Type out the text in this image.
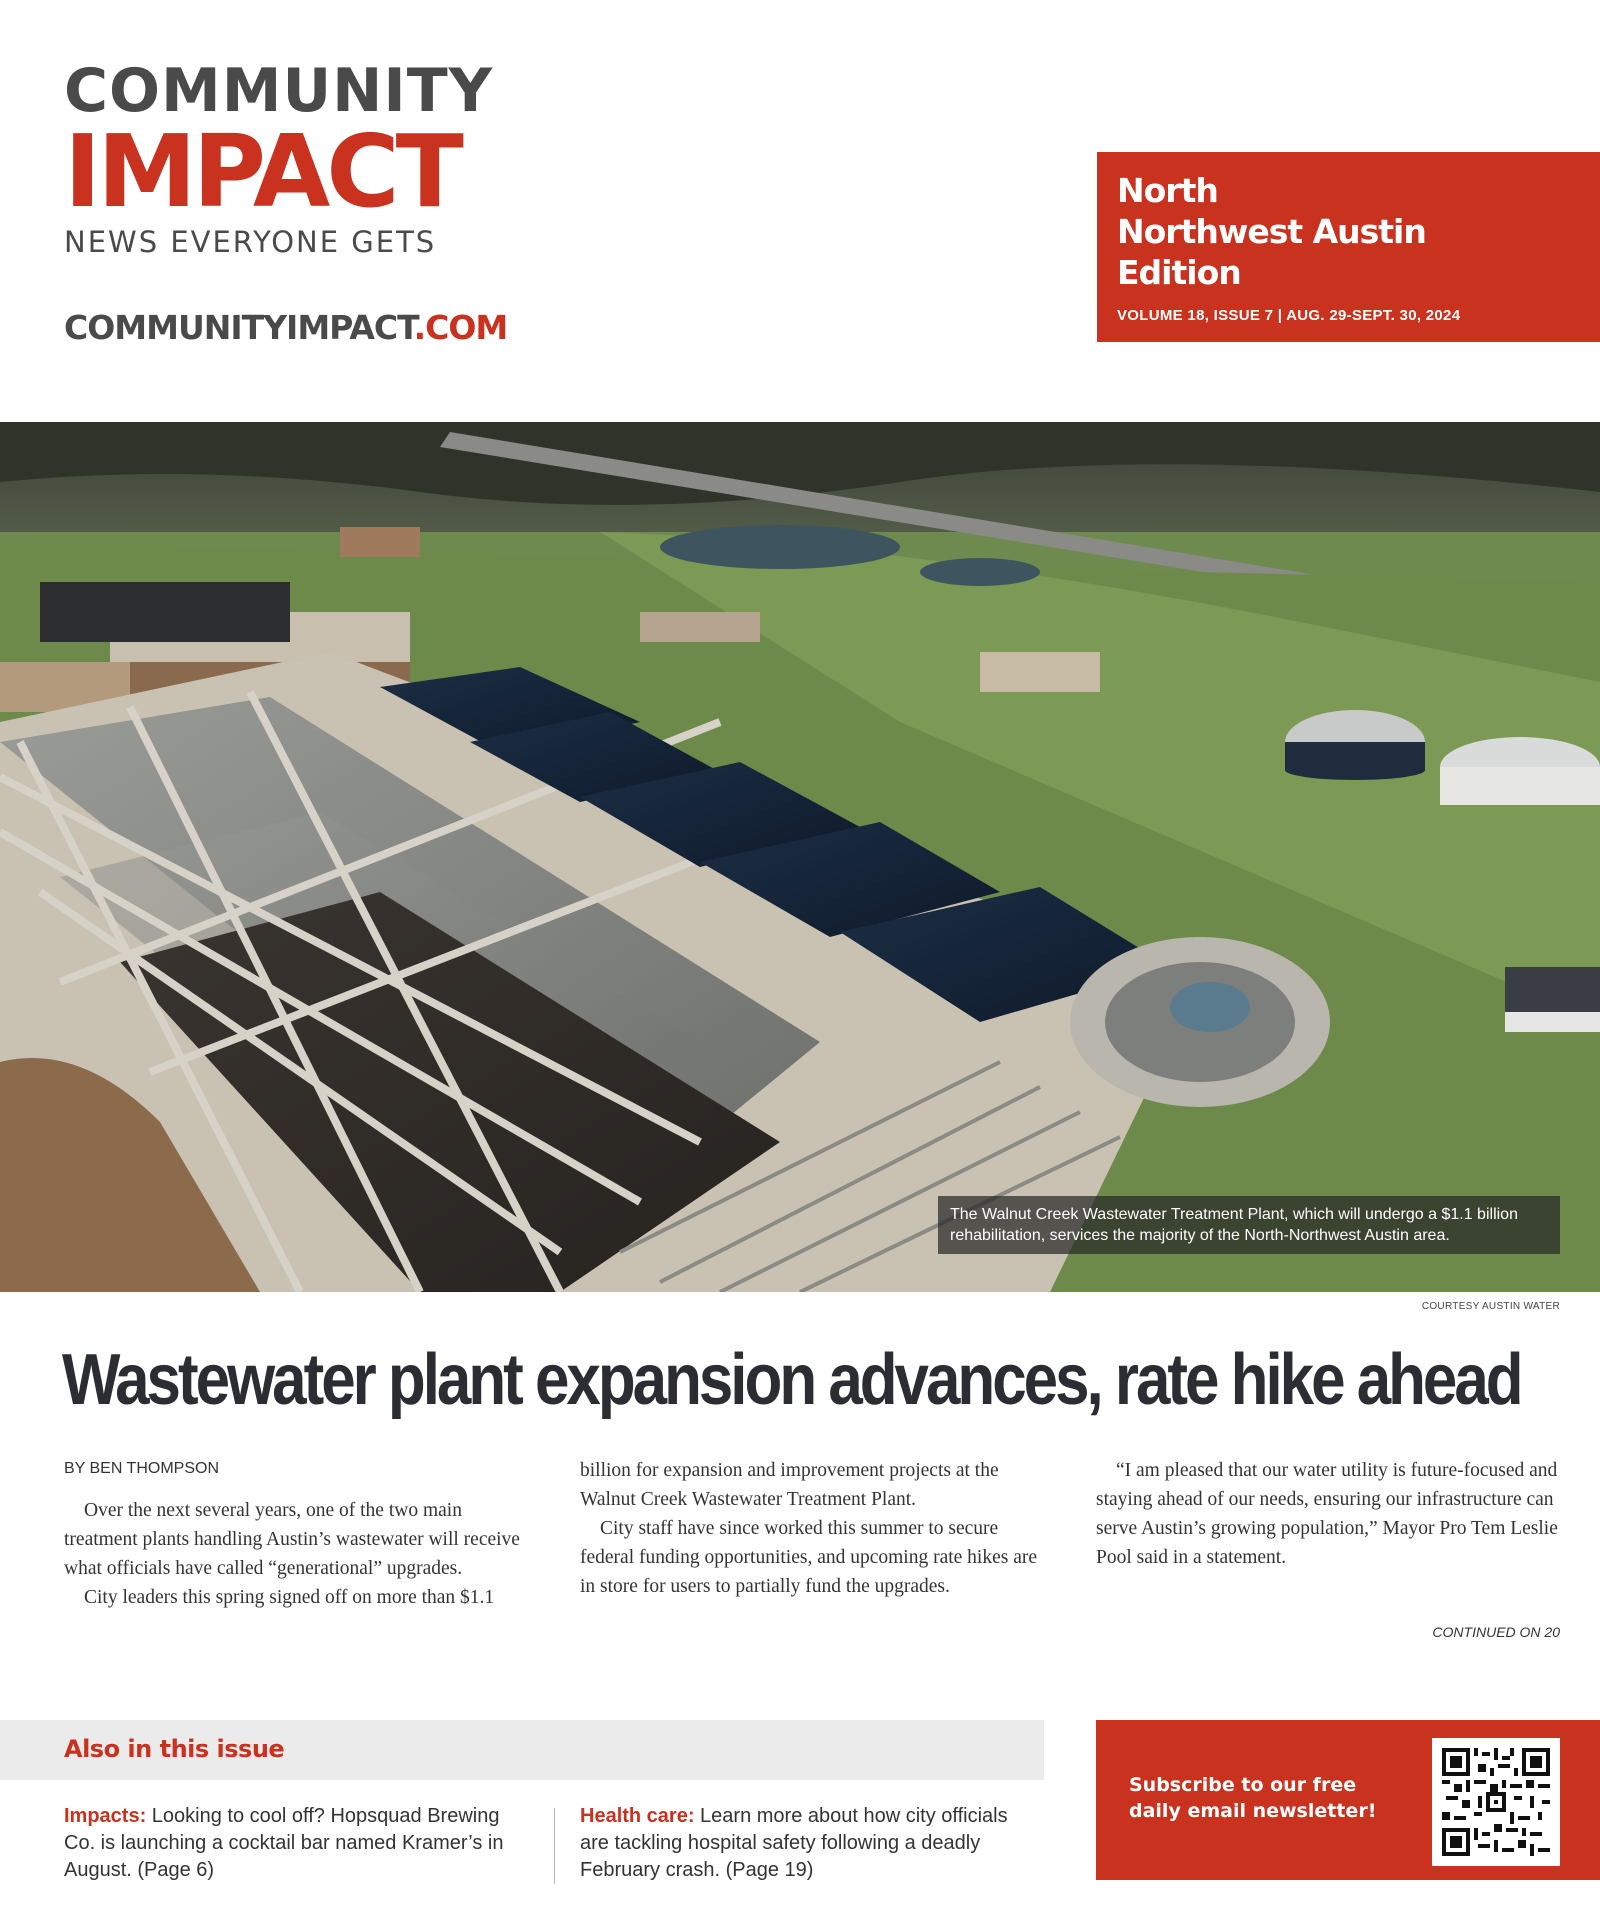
COMMUNITY
IMPACT
NEWS EVERYONE GETS
COMMUNITYIMPACT.COM
North
Northwest Austin
Edition
VOLUME 18, ISSUE 7 | AUG. 29-SEPT. 30, 2024
The Walnut Creek Wastewater Treatment Plant, which will undergo a $1.1 billion rehabilitation, services the majority of the North-Northwest Austin area.
COURTESY AUSTIN WATER
Wastewater plant expansion advances, rate hike ahead
BY BEN THOMPSON

Over the next several years, one of the two main treatment plants handling Austin’s wastewater will receive what officials have called “generational” upgrades.

City leaders this spring signed off on more than $1.1

billion for expansion and improvement projects at the Walnut Creek Wastewater Treatment Plant.

City staff have since worked this summer to secure federal funding opportunities, and upcoming rate hikes are in store for users to partially fund the upgrades.

“I am pleased that our water utility is future-focused and staying ahead of our needs, ensuring our infrastructure can serve Austin’s growing population,” Mayor Pro Tem Leslie Pool said in a statement.

CONTINUED ON 20
Also in this issue
Impacts: Looking to cool off? Hopsquad Brewing Co. is launching a cocktail bar named Kramer’s in August. (Page 6)
Health care: Learn more about how city officials are tackling hospital safety following a deadly February crash. (Page 19)
Subscribe to our free daily email newsletter!
